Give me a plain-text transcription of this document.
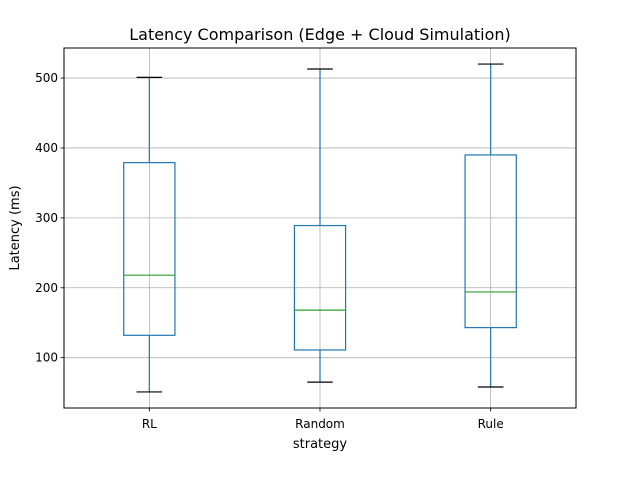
Latency Comparison (Edge + Cloud Simulation)
100
200
300
400
500
RL	Random	Rule
strategy
Latency (ms)
